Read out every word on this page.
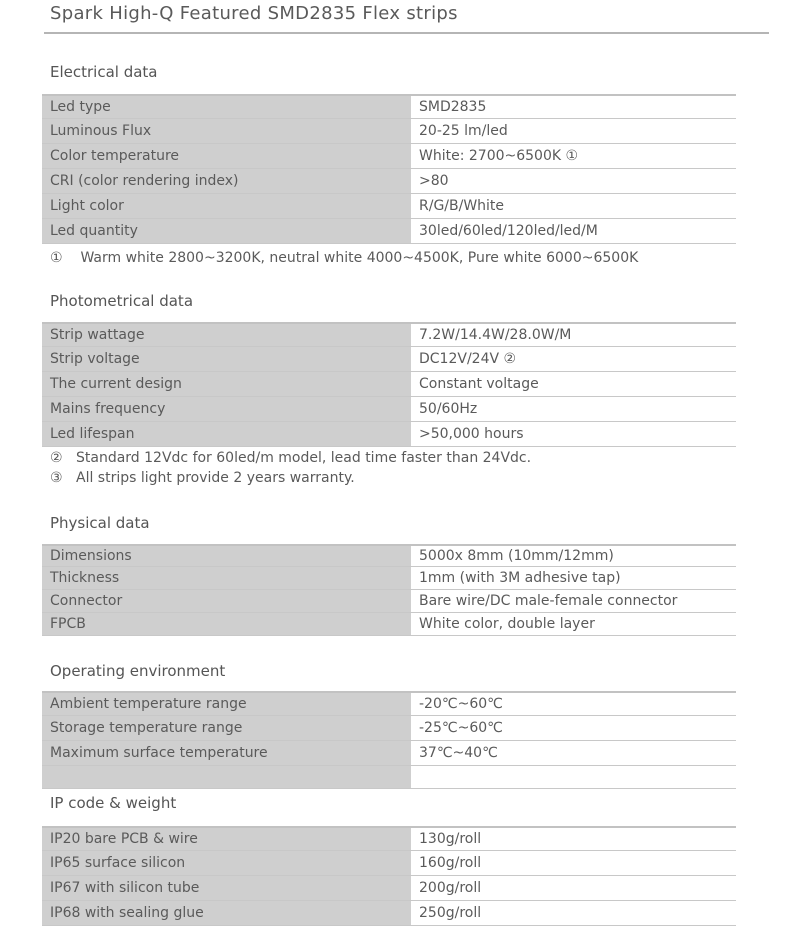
Spark High-Q Featured SMD2835 Flex strips
Electrical data
Led type	SMD2835
Luminous Flux	20-25 lm/led
Color temperature	White: 2700~6500K ①
CRI (color rendering index)	>80
Light color	R/G/B/White
Led quantity	30led/60led/120led/led/M
① Warm white 2800~3200K, neutral white 4000~4500K, Pure white 6000~6500K
Photometrical data
Strip wattage	7.2W/14.4W/28.0W/M
Strip voltage	DC12V/24V ②
The current design	Constant voltage
Mains frequency	50/60Hz
Led lifespan	>50,000 hours
② Standard 12Vdc for 60led/m model, lead time faster than 24Vdc.
③ All strips light provide 2 years warranty.
Physical data
Dimensions	5000x 8mm (10mm/12mm)
Thickness	1mm (with 3M adhesive tap)
Connector	Bare wire/DC male-female connector
FPCB	White color, double layer
Operating environment
Ambient temperature range	-20℃~60℃
Storage temperature range	-25℃~60℃
Maximum surface temperature	37℃~40℃
IP code & weight
IP20 bare PCB & wire	130g/roll
IP65 surface silicon	160g/roll
IP67 with silicon tube	200g/roll
IP68 with sealing glue	250g/roll
